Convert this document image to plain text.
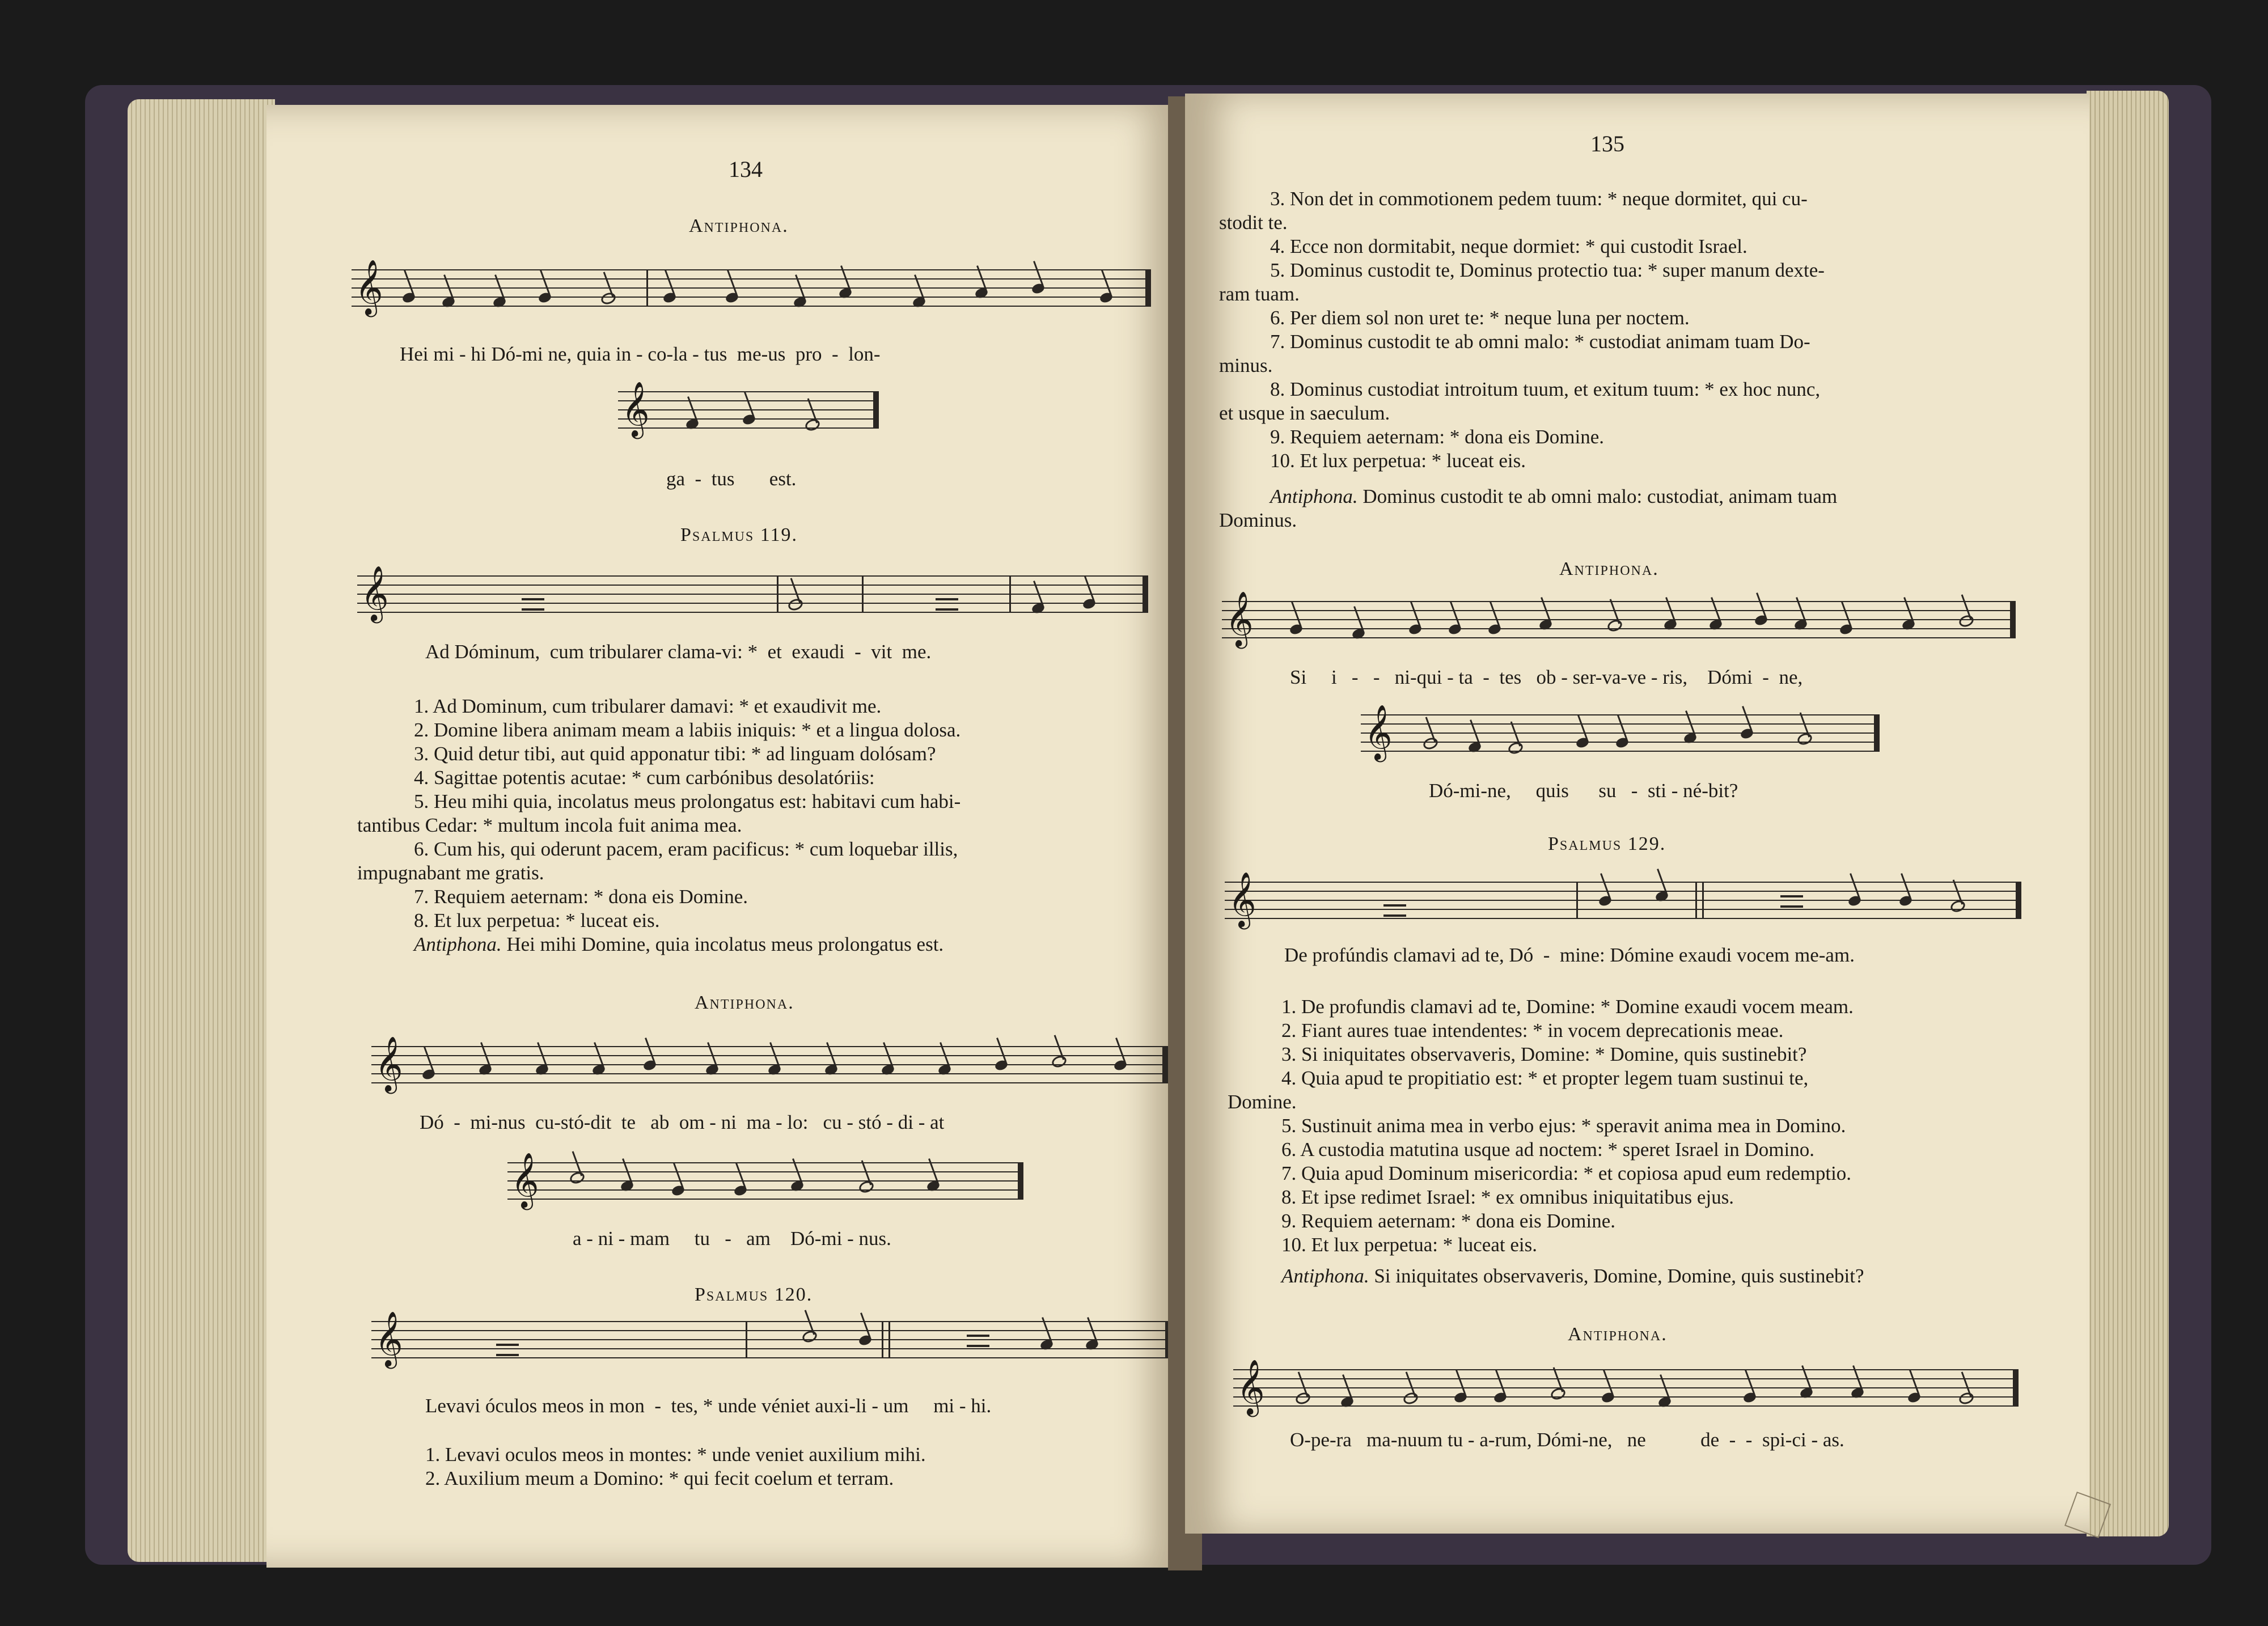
134
Antiphona.
𝄞
Hei mi - hi Dó-mi ne, quia in - co-la - tus  me-us  pro  -  lon-
𝄞
ga  -  tus       est.
Psalmus 119.
𝄞
Ad Dóminum,  cum tribularer clama-vi: *  et  exaudi  -  vit  me.
1. Ad Dominum, cum tribularer damavi: * et exaudivit me.
2. Domine libera animam meam a labiis iniquis: * et a lingua dolosa.
3. Quid detur tibi, aut quid apponatur tibi: * ad linguam dolósam?
4. Sagittae potentis acutae: * cum carbónibus desolatóriis:
5. Heu mihi quia, incolatus meus prolongatus est: habitavi cum habi-
tantibus Cedar: * multum incola fuit anima mea.
6. Cum his, qui oderunt pacem, eram pacificus: * cum loquebar illis,
impugnabant me gratis.
7. Requiem aeternam: * dona eis Domine.
8. Et lux perpetua: * luceat eis.
Antiphona. Hei mihi Domine, quia incolatus meus prolongatus est.
Antiphona.
𝄞
Dó  -  mi-nus  cu-stó-dit  te   ab  om - ni  ma - lo:   cu - stó - di - at
𝄞
a - ni - mam     tu   -   am    Dó-mi - nus.
Psalmus 120.
𝄞
Levavi óculos meos in mon  -  tes, * unde véniet auxi-li - um     mi - hi.
1. Levavi oculos meos in montes: * unde veniet auxilium mihi.
2. Auxilium meum a Domino: * qui fecit coelum et terram.
135
3. Non det in commotionem pedem tuum: * neque dormitet, qui cu-
stodit te.
4. Ecce non dormitabit, neque dormiet: * qui custodit Israel.
5. Dominus custodit te, Dominus protectio tua: * super manum dexte-
ram tuam.
6. Per diem sol non uret te: * neque luna per noctem.
7. Dominus custodit te ab omni malo: * custodiat animam tuam Do-
minus.
8. Dominus custodiat introitum tuum, et exitum tuum: * ex hoc nunc,
et usque in saeculum.
9. Requiem aeternam: * dona eis Domine.
10. Et lux perpetua: * luceat eis.
Antiphona. Dominus custodit te ab omni malo: custodiat, animam tuam
Dominus.
Antiphona.
𝄞
Si     i   -   -   ni-qui - ta  -  tes   ob - ser-va-ve - ris,    Dómi  -  ne,
𝄞
Dó-mi-ne,     quis      su   -  sti - né-bit?
Psalmus 129.
𝄞
De profúndis clamavi ad te, Dó  -  mine: Dómine exaudi vocem me-am.
1. De profundis clamavi ad te, Domine: * Domine exaudi vocem meam.
2. Fiant aures tuae intendentes: * in vocem deprecationis meae.
3. Si iniquitates observaveris, Domine: * Domine, quis sustinebit?
4. Quia apud te propitiatio est: * et propter legem tuam sustinui te,
Domine.
5. Sustinuit anima mea in verbo ejus: * speravit anima mea in Domino.
6. A custodia matutina usque ad noctem: * speret Israel in Domino.
7. Quia apud Dominum misericordia: * et copiosa apud eum redemptio.
8. Et ipse redimet Israel: * ex omnibus iniquitatibus ejus.
9. Requiem aeternam: * dona eis Domine.
10. Et lux perpetua: * luceat eis.
Antiphona. Si iniquitates observaveris, Domine, Domine, quis sustinebit?
Antiphona.
𝄞
O-pe-ra   ma-nuum tu - a-rum, Dómi-ne,   ne           de  -  -  spi-ci - as.
